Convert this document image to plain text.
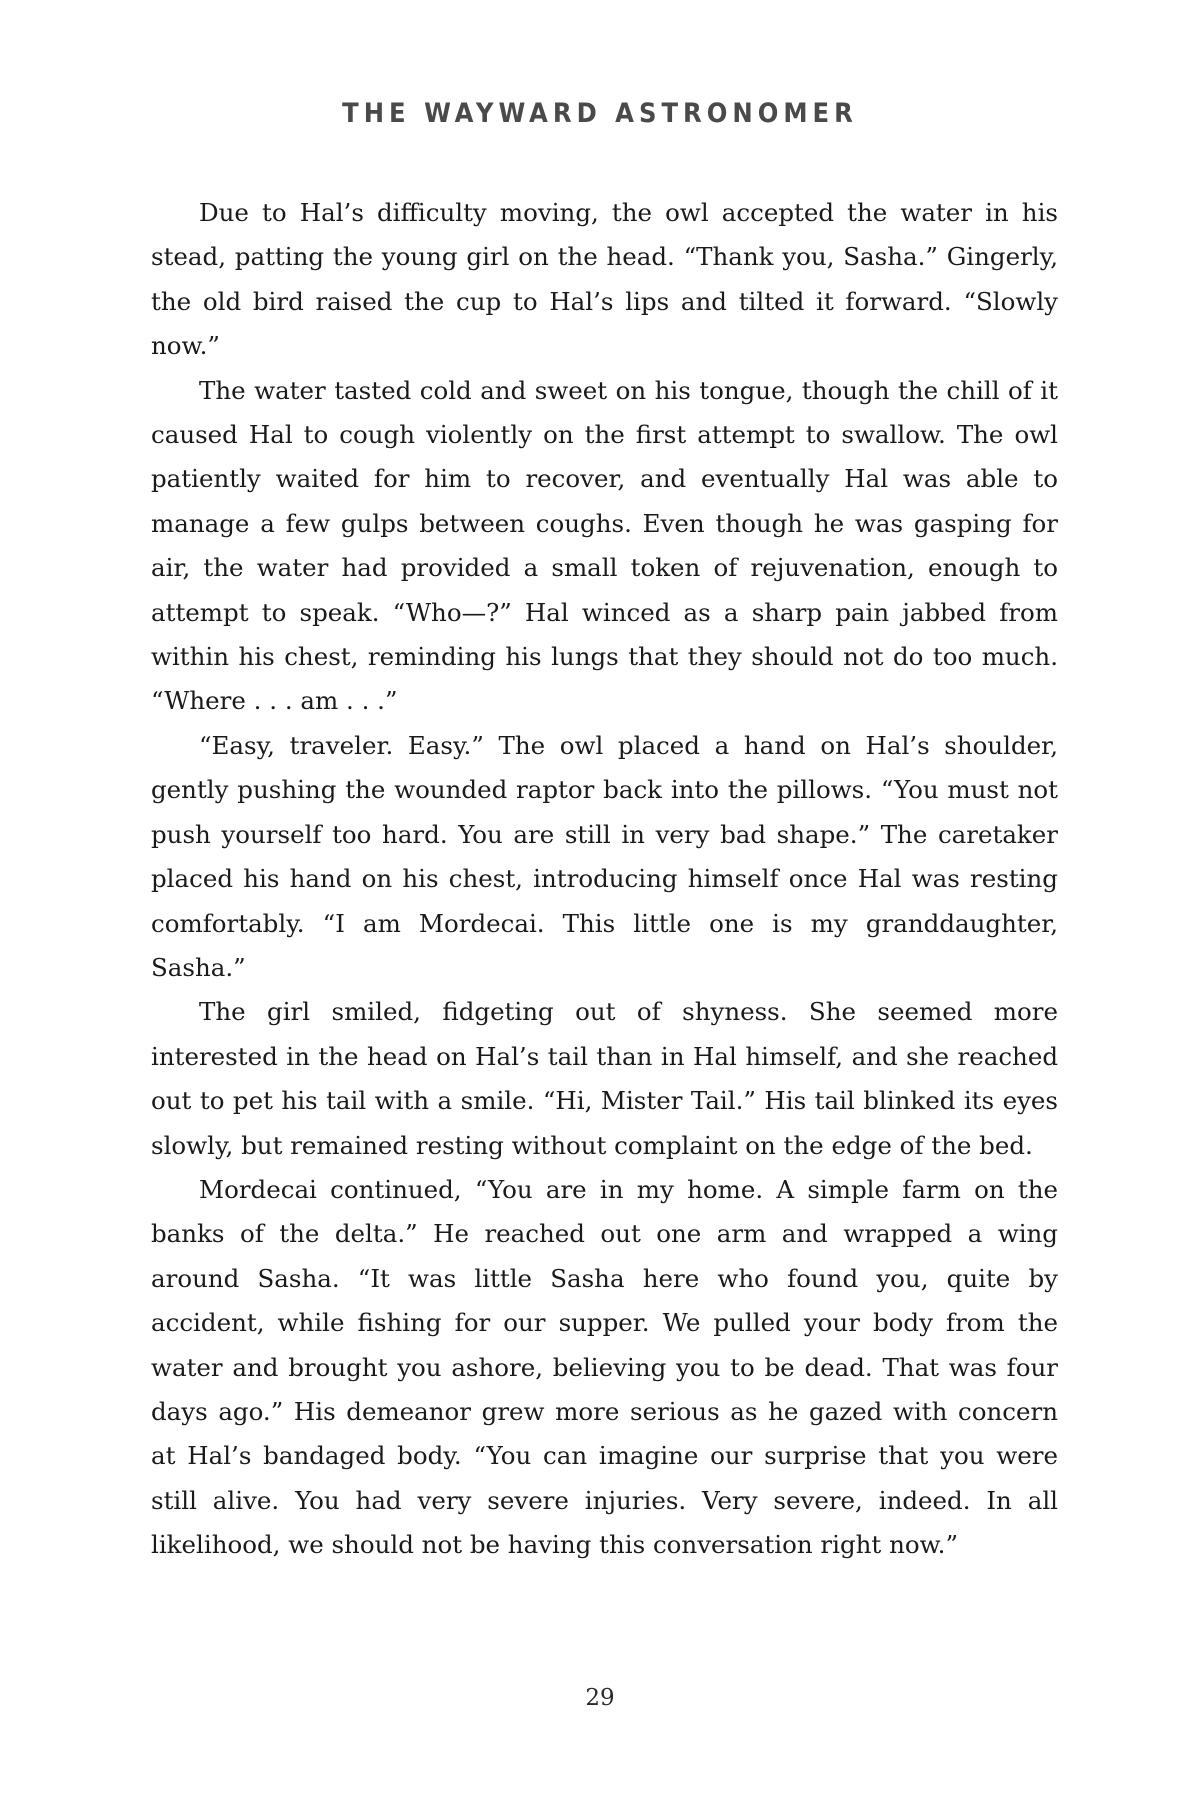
THE WAYWARD ASTRONOMER

Due to Hal’s difficulty moving, the owl accepted the water in his stead, patting the young girl on the head. “Thank you, Sasha.” Gingerly, the old bird raised the cup to Hal’s lips and tilted it forward. “Slowly now.”

The water tasted cold and sweet on his tongue, though the chill of it caused Hal to cough violently on the first attempt to swallow. The owl patiently waited for him to recover, and eventually Hal was able to manage a few gulps between coughs. Even though he was gasping for air, the water had provided a small token of rejuvenation, enough to attempt to speak. “Who—?” Hal winced as a sharp pain jabbed from within his chest, reminding his lungs that they should not do too much. “Where . . . am . . .”

“Easy, traveler. Easy.” The owl placed a hand on Hal’s shoulder, gently pushing the wounded raptor back into the pillows. “You must not push yourself too hard. You are still in very bad shape.” The caretaker placed his hand on his chest, introducing himself once Hal was resting comfortably. “I am Mordecai. This little one is my granddaughter, Sasha.”

The girl smiled, fidgeting out of shyness. She seemed more interested in the head on Hal’s tail than in Hal himself, and she reached out to pet his tail with a smile. “Hi, Mister Tail.” His tail blinked its eyes slowly, but remained resting without complaint on the edge of the bed.

Mordecai continued, “You are in my home. A simple farm on the banks of the delta.” He reached out one arm and wrapped a wing around Sasha. “It was little Sasha here who found you, quite by accident, while fishing for our supper. We pulled your body from the water and brought you ashore, believing you to be dead. That was four days ago.” His demeanor grew more serious as he gazed with concern at Hal’s bandaged body. “You can imagine our surprise that you were still alive. You had very severe injuries. Very severe, indeed. In all likelihood, we should not be having this conversation right now.”

29
